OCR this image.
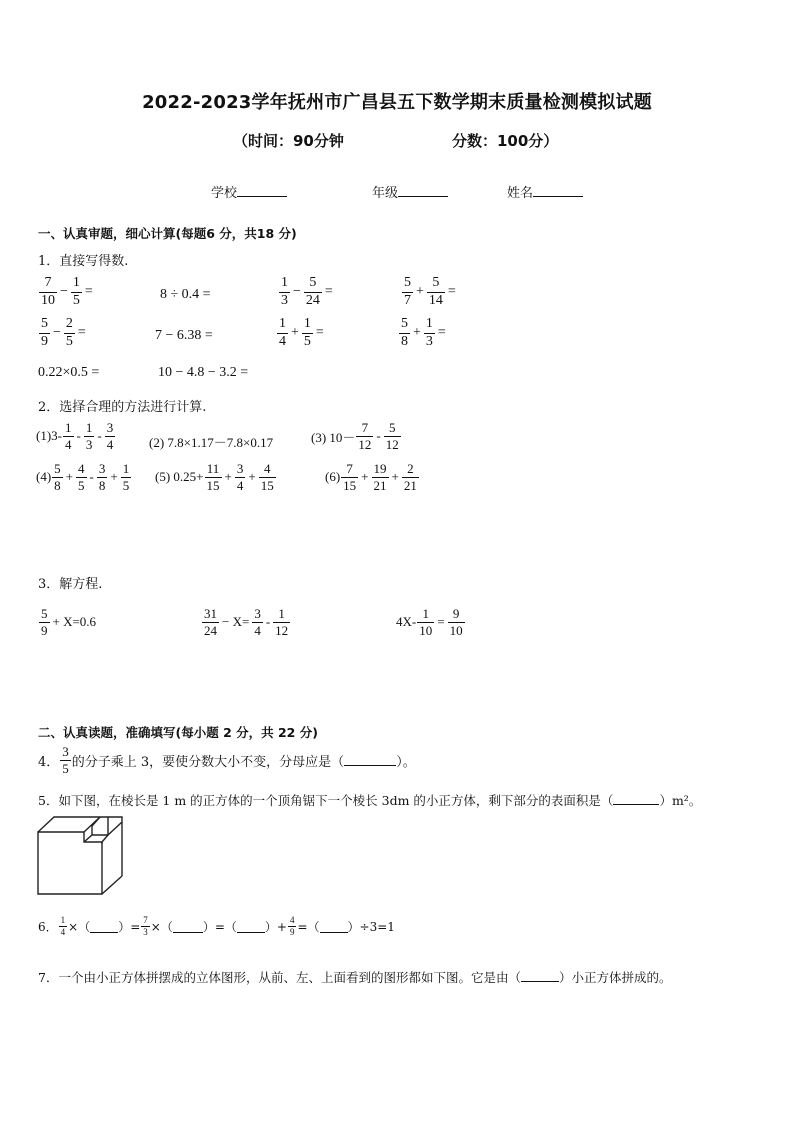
2022-2023学年抚州市广昌县五下数学期末质量检测模拟试题
（时间：90分钟	分数：100分）
学校	年级	姓名
一、认真审题，细心计算(每题6 分，共18 分)
1．直接写得数.
$\frac{7}{10} - \frac{1}{5}$ =	8 ÷ 0.4 =	$\frac{1}{3} - \frac{5}{24}$ =	$\frac{5}{7} + \frac{5}{14}$ =
$\frac{5}{9} - \frac{2}{5}$ =	7 − 6.38 =	$\frac{1}{4} + \frac{1}{5}$ =	$\frac{5}{8} + \frac{1}{3}$ =
0.22×0.5 =	10 − 4.8 − 3.2 =
2．选择合理的方法进行计算.
$(1)3- \frac{1}{4} - \frac{1}{3} - \frac{3}{4}$	(2) 7.8×1.17－7.8×0.17	(3) $10- \frac{7}{12} - \frac{5}{12}$
$(4) \frac{5}{8} + \frac{4}{5} - \frac{3}{8} + \frac{1}{5} (5)$ $0.25+ \frac{11}{15} + \frac{3}{4} + \frac{4}{15}$	$(6) \frac{7}{15} + \frac{19}{21} + \frac{2}{21}$
3．解方程.
$\frac{5}{9} + X=0.6$	$\frac{31}{24} - X= \frac{3}{4} - \frac{1}{12}$	$4X- \frac{1}{10} = \frac{9}{10}$
二、认真读题，准确填写(每小题 2 分，共 22 分)
4． $\frac{3}{5}$ 的分子乘上 3，要使分数大小不变，分母应是（	）。
5．如下图，在棱长是 1 m 的正方体的一个顶角锯下一个棱长 3dm 的小正方体，剩下部分的表面积是（	）m²。
6． $\frac{1}{4}$ ×（ ）= $\frac{7}{3}$ ×（	）=（ ）+ $\frac{4}{9}$ =（ ）÷3=1
7．一个由小正方体拼摆成的立体图形，从前、左、上面看到的图形都如下图。它是由（	）小正方体拼成的。
